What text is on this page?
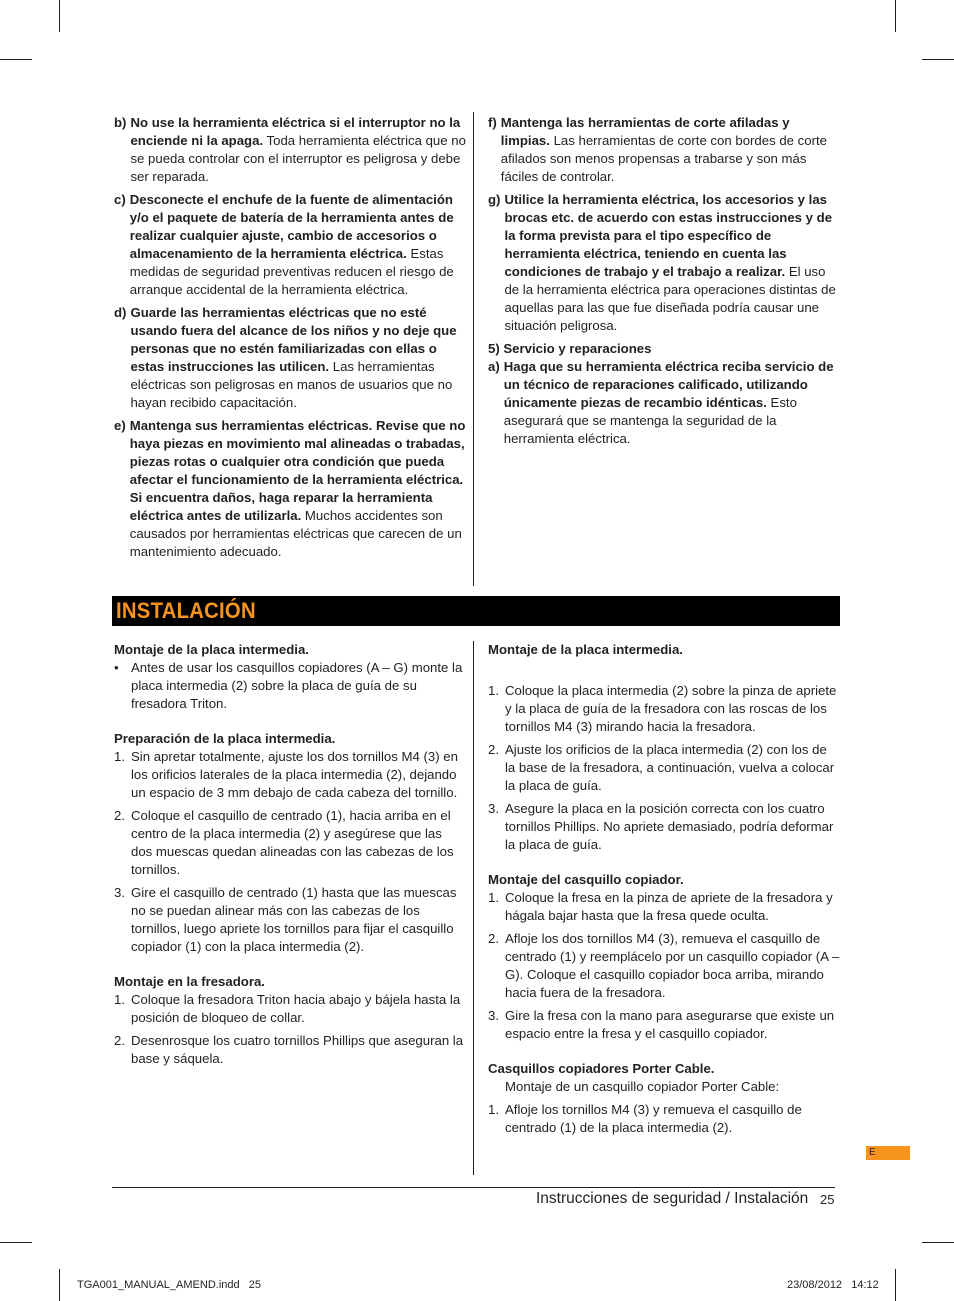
b) No use la herramienta eléctrica si el interruptor no la enciende ni la apaga. Toda herramienta eléctrica que no se pueda controlar con el interruptor es peligrosa y debe ser reparada.
c) Desconecte el enchufe de la fuente de alimentación y/o el paquete de batería de la herramienta antes de realizar cualquier ajuste, cambio de accesorios o almacenamiento de la herramienta eléctrica. Estas medidas de seguridad preventivas reducen el riesgo de arranque accidental de la herramienta eléctrica.
d) Guarde las herramientas eléctricas que no esté usando fuera del alcance de los niños y no deje que personas que no estén familiarizadas con ellas o estas instrucciones las utilicen. Las herramientas eléctricas son peligrosas en manos de usuarios que no hayan recibido capacitación.
e) Mantenga sus herramientas eléctricas. Revise que no haya piezas en movimiento mal alineadas o trabadas, piezas rotas o cualquier otra condición que pueda afectar el funcionamiento de la herramienta eléctrica. Si encuentra daños, haga reparar la herramienta eléctrica antes de utilizarla. Muchos accidentes son causados por herramientas eléctricas que carecen de un mantenimiento adecuado.
f) Mantenga las herramientas de corte afiladas y limpias. Las herramientas de corte con bordes de corte afilados son menos propensas a trabarse y son más fáciles de controlar.
g) Utilice la herramienta eléctrica, los accesorios y las brocas etc. de acuerdo con estas instrucciones y de la forma prevista para el tipo específico de herramienta eléctrica, teniendo en cuenta las condiciones de trabajo y el trabajo a realizar. El uso de la herramienta eléctrica para operaciones distintas de aquellas para las que fue diseñada podría causar une situación peligrosa.

5) Servicio y reparaciones

a) Haga que su herramienta eléctrica reciba servicio de un técnico de reparaciones calificado, utilizando únicamente piezas de recambio idénticas. Esto asegurará que se mantenga la seguridad de la herramienta eléctrica.
INSTALACIÓN

Montaje de la placa intermedia.

• Antes de usar los casquillos copiadores (A – G) monte la placa intermedia (2) sobre la placa de guía de su fresadora Triton.

Preparación de la placa intermedia.

1. Sin apretar totalmente, ajuste los dos tornillos M4 (3) en los orificios laterales de la placa intermedia (2), dejando un espacio de 3 mm debajo de cada cabeza del tornillo.
2. Coloque el casquillo de centrado (1), hacia arriba en el centro de la placa intermedia (2) y asegúrese que las dos muescas quedan alineadas con las cabezas de los tornillos.
3. Gire el casquillo de centrado (1) hasta que las muescas no se puedan alinear más con las cabezas de los tornillos, luego apriete los tornillos para fijar el casquillo copiador (1) con la placa intermedia (2).

Montaje en la fresadora.

1. Coloque la fresadora Triton hacia abajo y bájela hasta la posición de bloqueo de collar.
2. Desenrosque los cuatro tornillos Phillips que aseguran la base y sáquela.

Montaje de la placa intermedia.

1. Coloque la placa intermedia (2) sobre la pinza de apriete y la placa de guía de la fresadora con las roscas de los tornillos M4 (3) mirando hacia la fresadora.
2. Ajuste los orificios de la placa intermedia (2) con los de la base de la fresadora, a continuación, vuelva a colocar la placa de guía.
3. Asegure la placa en la posición correcta con los cuatro tornillos Phillips. No apriete demasiado, podría deformar la placa de guía.

Montaje del casquillo copiador.

1. Coloque la fresa en la pinza de apriete de la fresadora y hágala bajar hasta que la fresa quede oculta.
2. Afloje los dos tornillos M4 (3), remueva el casquillo de centrado (1) y reemplácelo por un casquillo copiador (A – G). Coloque el casquillo copiador boca arriba, mirando hacia fuera de la fresadora.
3. Gire la fresa con la mano para asegurarse que existe un espacio entre la fresa y el casquillo copiador.

Casquillos copiadores Porter Cable.

Montaje de un casquillo copiador Porter Cable:

1. Afloje los tornillos M4 (3) y remueva el casquillo de centrado (1) de la placa intermedia (2).
E
Instrucciones de seguridad / Instalación 25
TGA001_MANUAL_AMEND.indd   25	23/08/2012   14:12
